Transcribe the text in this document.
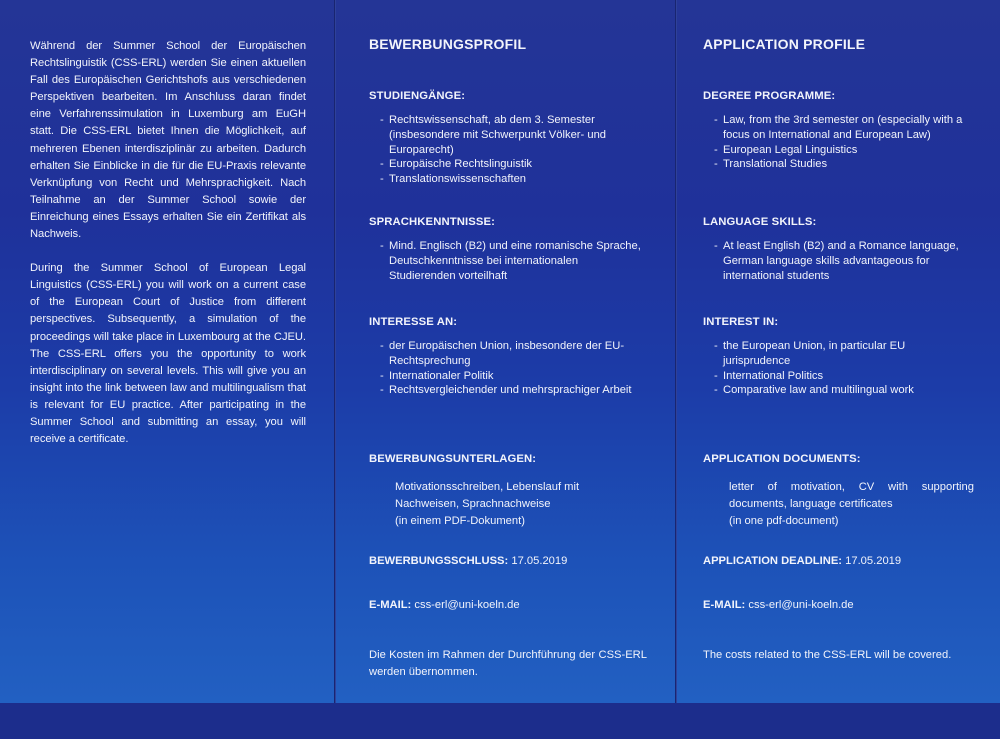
Während der Summer School der Europäischen Rechtslinguistik (CSS-ERL) werden Sie einen aktuellen Fall des Europäischen Gerichtshofs aus verschiedenen Perspektiven bearbeiten. Im Anschluss daran findet eine Verfahrenssimulation in Luxemburg am EuGH statt. Die CSS-ERL bietet Ihnen die Möglichkeit, auf mehreren Ebenen interdisziplinär zu arbeiten. Dadurch erhalten Sie Einblicke in die für die EU-Praxis relevante Verknüpfung von Recht und Mehrsprachigkeit. Nach Teilnahme an der Summer School sowie der Einreichung eines Essays erhalten Sie ein Zertifikat als Nachweis.

During the Summer School of European Legal Linguistics (CSS-ERL) you will work on a current case of the European Court of Justice from different perspectives. Subsequently, a simulation of the proceedings will take place in Luxembourg at the CJEU. The CSS-ERL offers you the opportunity to work interdisciplinary on several levels. This will give you an insight into the link between law and multilingualism that is relevant for EU practice. After participating in the Summer School and submitting an essay, you will receive a certificate.

BEWERBUNGSPROFIL
STUDIENGÄNGE:
- Rechtswissenschaft, ab dem 3. Semester (insbesondere mit Schwerpunkt Völker- und Europarecht)
- Europäische Rechtslinguistik
- Translationswissenschaften
SPRACHKENNTNISSE:
- Mind. Englisch (B2) und eine romanische Sprache, Deutschkenntnisse bei internationalen Studierenden vorteilhaft
INTERESSE AN:
- der Europäischen Union, insbesondere der EU-Rechtsprechung
- Internationaler Politik
- Rechtsvergleichender und mehrsprachiger Arbeit
BEWERBUNGSUNTERLAGEN:

Motivationsschreiben, Lebenslauf mit

Nachweisen, Sprachnachweise

(in einem PDF-Dokument)

BEWERBUNGSSCHLUSS: 17.05.2019

E-MAIL: css-erl@uni-koeln.de

Die Kosten im Rahmen der Durchführung der CSS-ERL werden übernommen.

APPLICATION PROFILE
DEGREE PROGRAMME:
- Law, from the 3rd semester on (especially with a focus on International and European Law)
- European Legal Linguistics
- Translational Studies
LANGUAGE SKILLS:
- At least English (B2) and a Romance language, German language skills advantageous for international students
INTEREST IN:
- the European Union, in particular EU jurisprudence
- International Politics
- Comparative law and multilingual work
APPLICATION DOCUMENTS:

letter of motivation, CV with supporting documents, language certificates

(in one pdf-document)

APPLICATION DEADLINE: 17.05.2019

E-MAIL: css-erl@uni-koeln.de

The costs related to the CSS-ERL will be covered.
